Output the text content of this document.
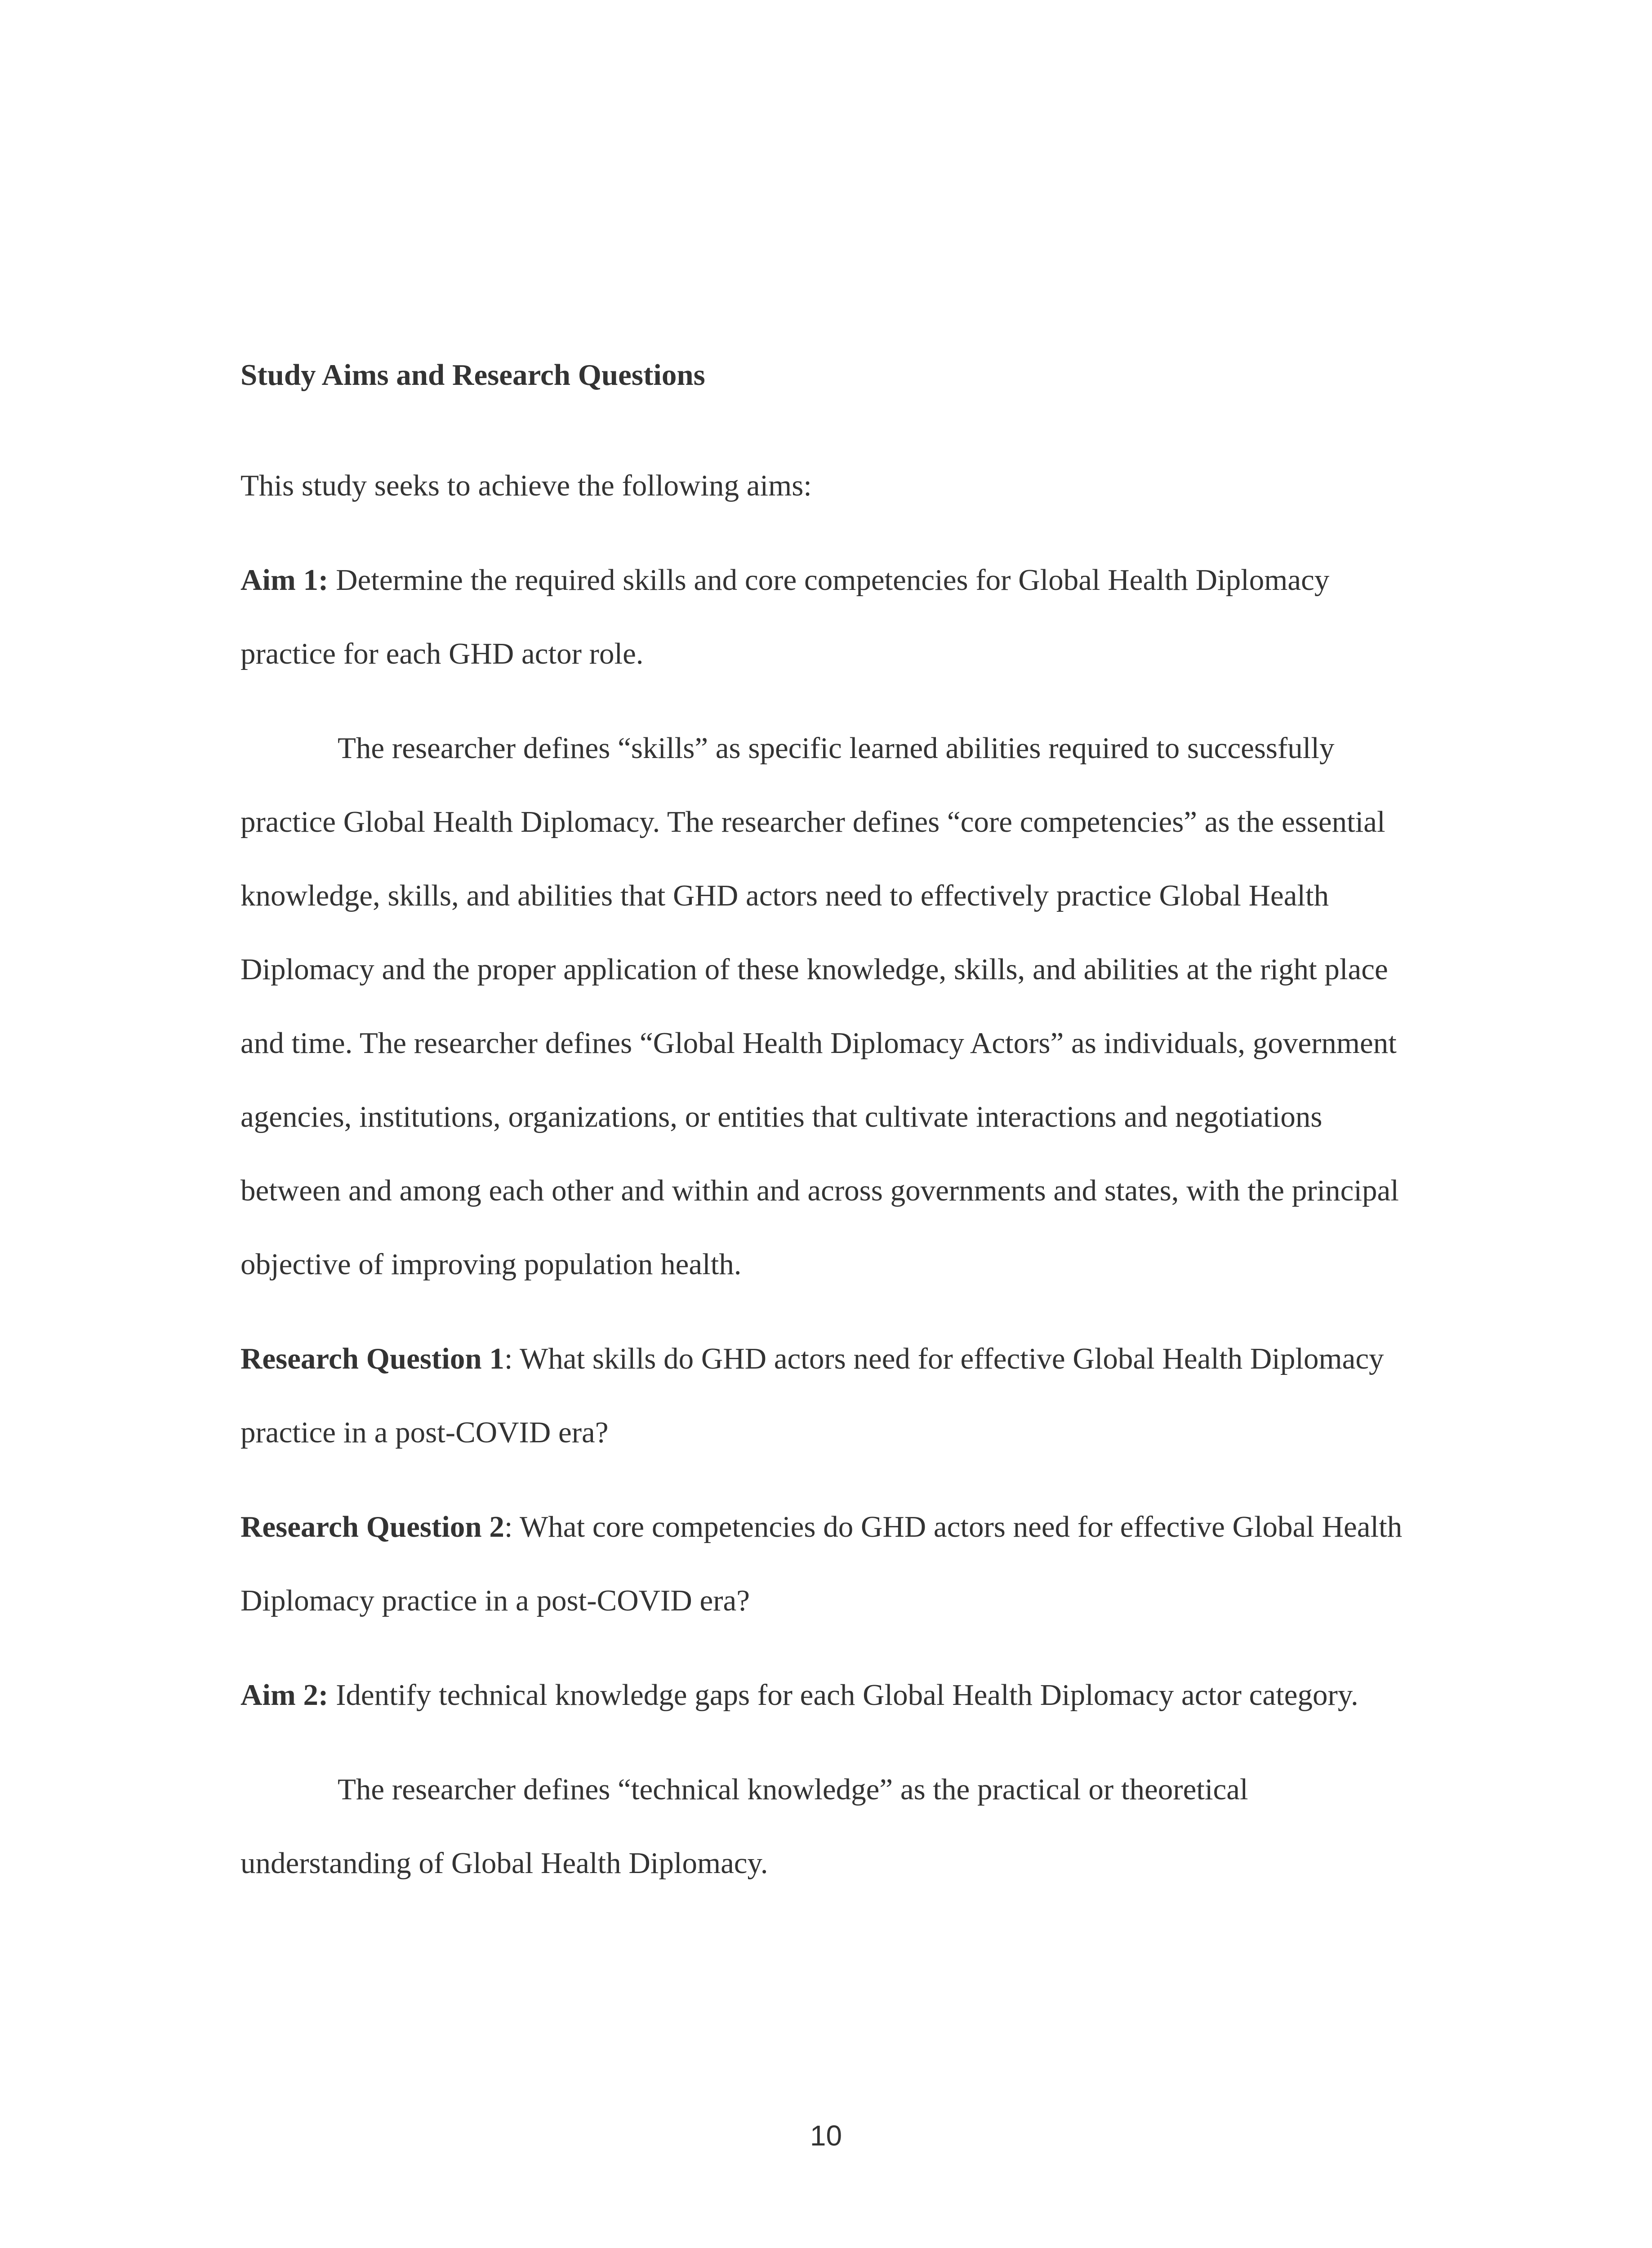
Study Aims and Research Questions

This study seeks to achieve the following aims:

Aim 1: Determine the required skills and core competencies for Global Health Diplomacy practice for each GHD actor role.

The researcher defines “skills” as specific learned abilities required to successfully practice Global Health Diplomacy. The researcher defines “core competencies” as the essential knowledge, skills, and abilities that GHD actors need to effectively practice Global Health Diplomacy and the proper application of these knowledge, skills, and abilities at the right place and time. The researcher defines “Global Health Diplomacy Actors” as individuals, government agencies, institutions, organizations, or entities that cultivate interactions and negotiations between and among each other and within and across governments and states, with the principal objective of improving population health.

Research Question 1: What skills do GHD actors need for effective Global Health Diplomacy practice in a post-COVID era?

Research Question 2: What core competencies do GHD actors need for effective Global Health Diplomacy practice in a post-COVID era?

Aim 2: Identify technical knowledge gaps for each Global Health Diplomacy actor category.

The researcher defines “technical knowledge” as the practical or theoretical understanding of Global Health Diplomacy.

10
